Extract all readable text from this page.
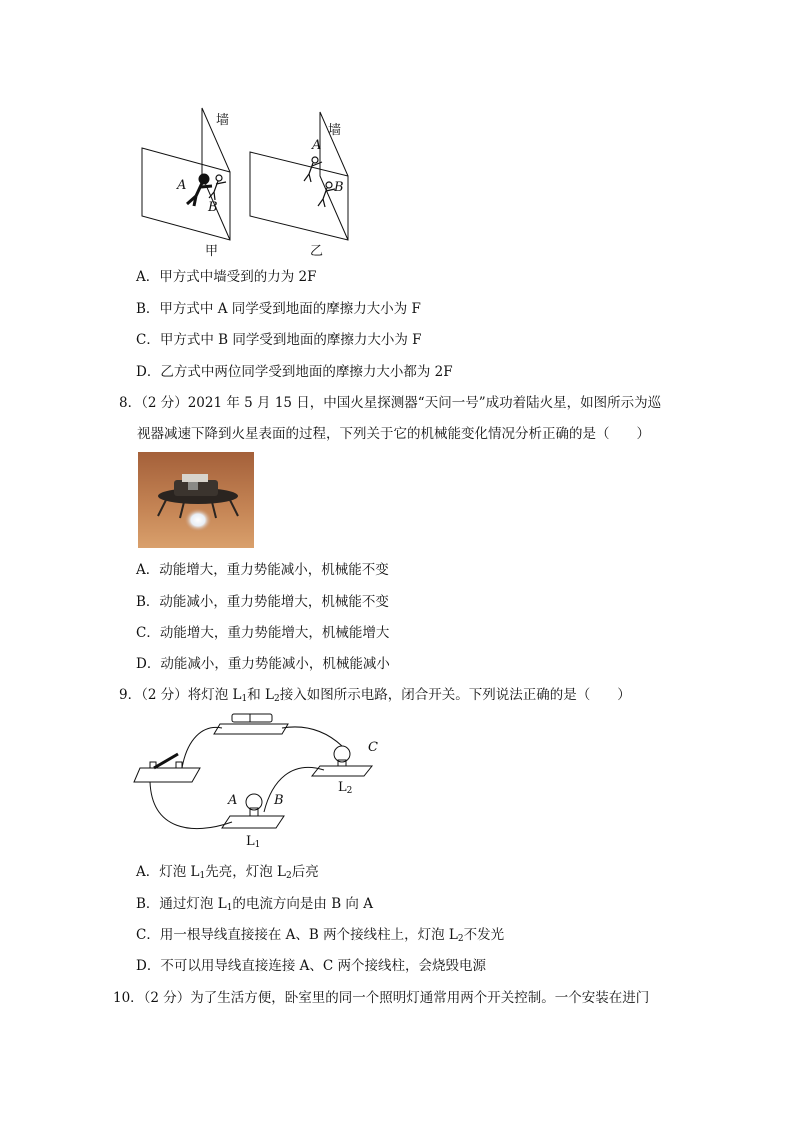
墙
墙
A
B
A
B
甲	乙
A．甲方式中墙受到的力为 2F
B．甲方式中 A 同学受到地面的摩擦力大小为 F
C．甲方式中 B 同学受到地面的摩擦力大小为 F
D．乙方式中两位同学受到地面的摩擦力大小都为 2F
8．（2 分）2021 年 5 月 15 日，中国火星探测器“天问一号”成功着陆火星，如图所示为巡
视器减速下降到火星表面的过程，下列关于它的机械能变化情况分析正确的是（　　）
A．动能增大，重力势能减小，机械能不变
B．动能减小，重力势能增大，机械能不变
C．动能增大，重力势能增大，机械能增大
D．动能减小，重力势能减小，机械能减小
9．（2 分）将灯泡 $L_1$和 $L_2$接入如图所示电路，闭合开关。下列说法正确的是（　　）
A	B
C
$L_2$
$L_1$
A．灯泡 $L_1$先亮，灯泡 $L_2$后亮
B．通过灯泡 $L_1$的电流方向是由 B 向 A
C．用一根导线直接接在 A、B 两个接线柱上，灯泡 $L_2$不发光
D．不可以用导线直接连接 A、C 两个接线柱，会烧毁电源
10．（2 分）为了生活方便，卧室里的同一个照明灯通常用两个开关控制。一个安装在进门
